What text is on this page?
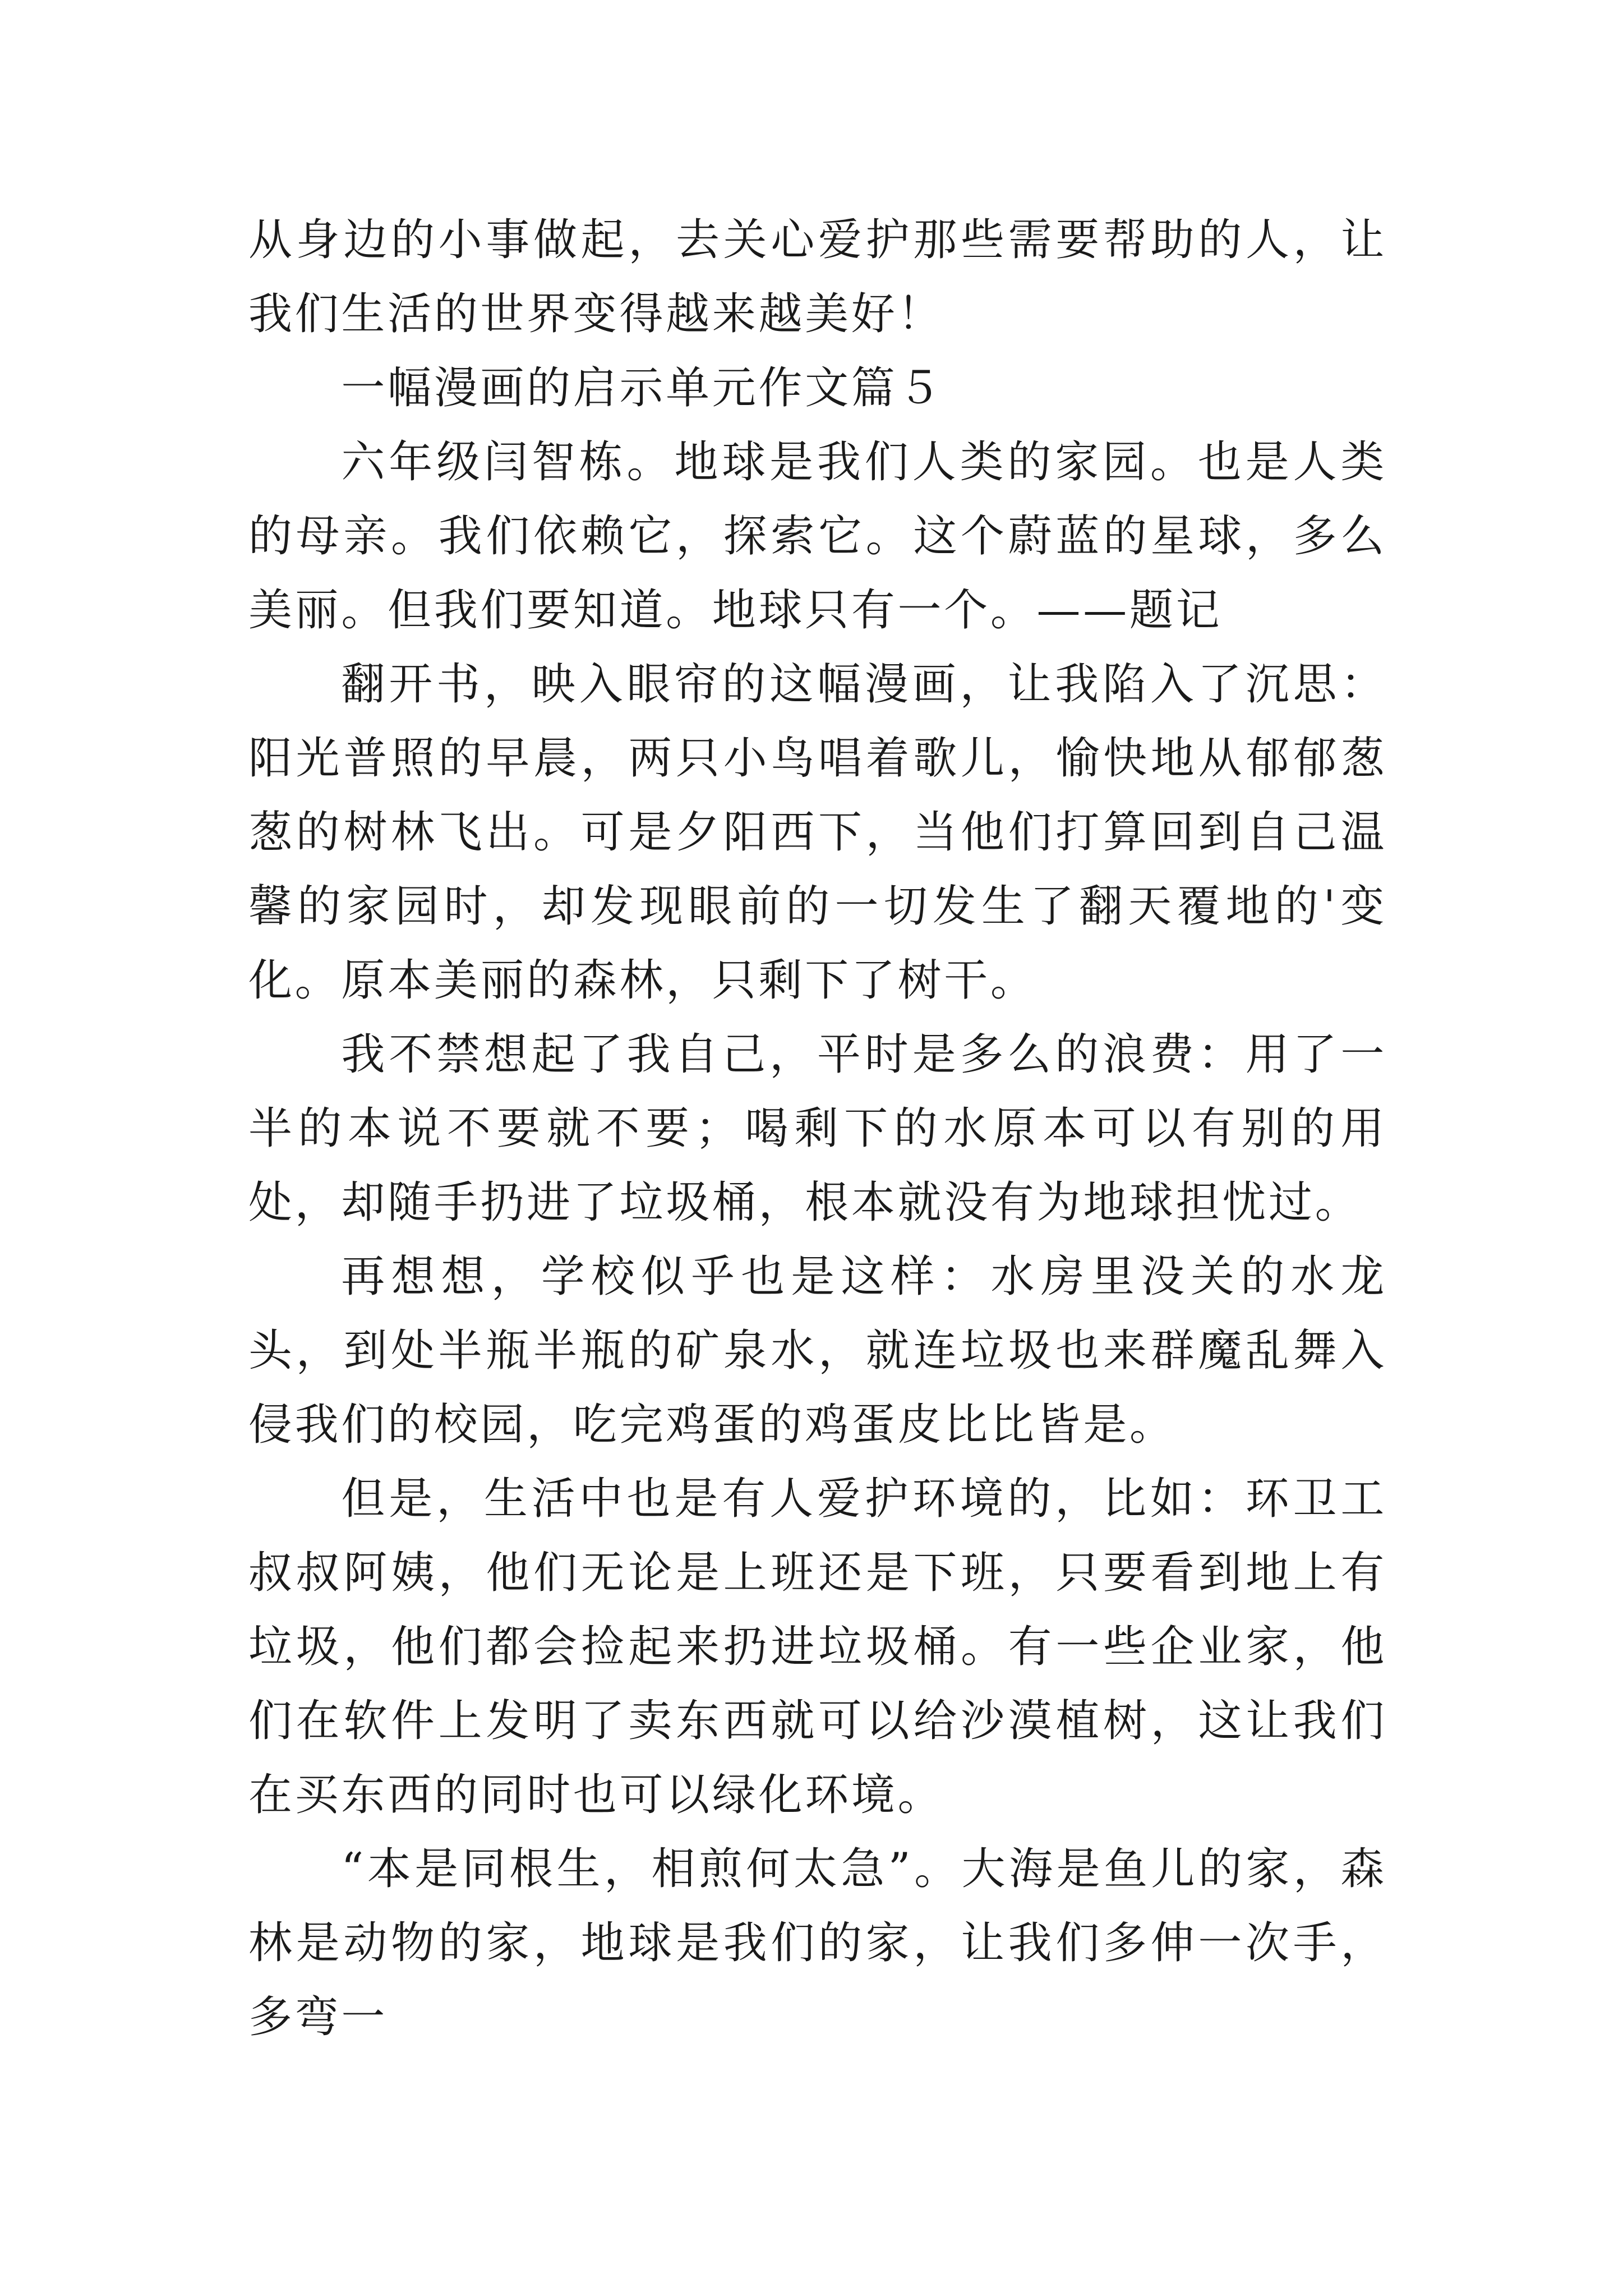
从身边的小事做起，去关心爱护那些需要帮助的人，让我们生活的世界变得越来越美好！

一幅漫画的启示单元作文篇５

六年级闫智栋。地球是我们人类的家园。也是人类的母亲。我们依赖它，探索它。这个蔚蓝的星球，多么美丽。但我们要知道。地球只有一个。——题记

翻开书，映入眼帘的这幅漫画，让我陷入了沉思：阳光普照的早晨，两只小鸟唱着歌儿，愉快地从郁郁葱葱的树林飞出。可是夕阳西下，当他们打算回到自己温馨的家园时，却发现眼前的一切发生了翻天覆地的'变化。原本美丽的森林，只剩下了树干。

我不禁想起了我自己，平时是多么的浪费：用了一半的本说不要就不要；喝剩下的水原本可以有别的用处，却随手扔进了垃圾桶，根本就没有为地球担忧过。

再想想，学校似乎也是这样：水房里没关的水龙头，到处半瓶半瓶的矿泉水，就连垃圾也来群魔乱舞入侵我们的校园，吃完鸡蛋的鸡蛋皮比比皆是。

但是，生活中也是有人爱护环境的，比如：环卫工叔叔阿姨，他们无论是上班还是下班，只要看到地上有垃圾，他们都会捡起来扔进垃圾桶。有一些企业家，他们在软件上发明了卖东西就可以给沙漠植树，这让我们在买东西的同时也可以绿化环境。

“本是同根生，相煎何太急”。大海是鱼儿的家，森林是动物的家，地球是我们的家，让我们多伸一次手，多弯一
